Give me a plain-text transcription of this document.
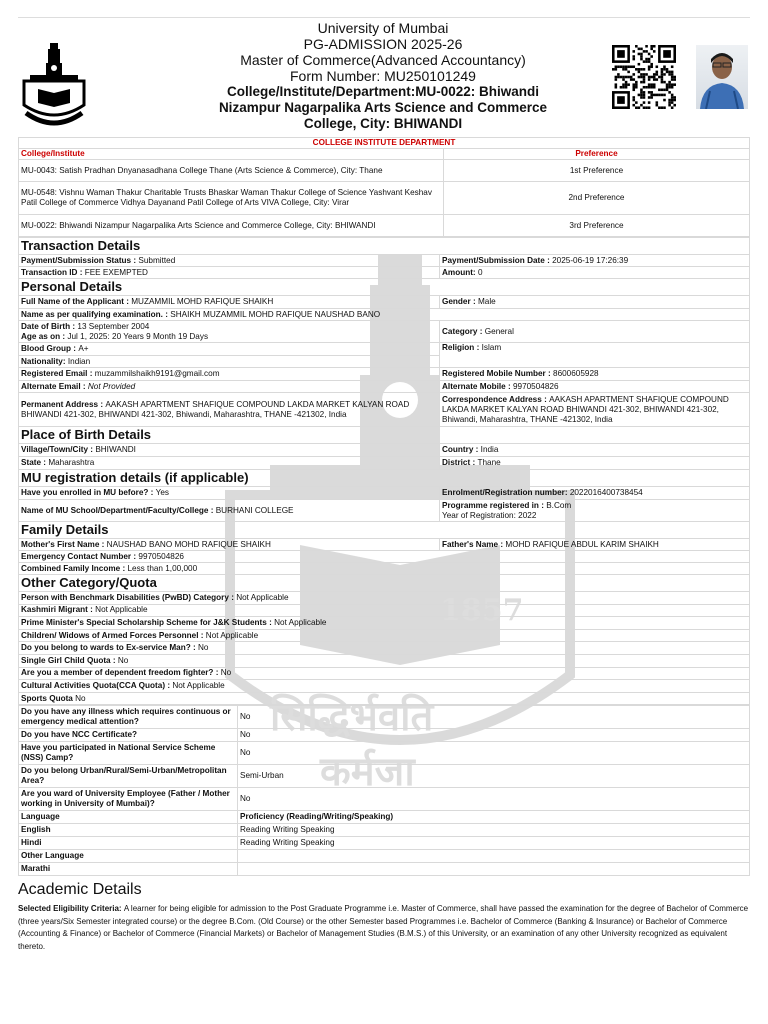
1857
सिद्धिर्भवति
कर्मजा
University of Mumbai
PG-ADMISSION 2025-26
Master of Commerce(Advanced Accountancy)
Form Number: MU250101249
College/Institute/Department:MU-0022: Bhiwandi
Nizampur Nagarpalika Arts Science and Commerce
College, City: BHIWANDI
COLLEGE INSTITUTE DEPARTMENT	
College/Institute	Preference
MU-0043: Satish Pradhan Dnyanasadhana College Thane (Arts Science & Commerce), City: Thane	1st Preference
MU-0548: Vishnu Waman Thakur Charitable Trusts Bhaskar Waman Thakur College of Science Yashvant Keshav Patil College of Commerce Vidhya Dayanand Patil College of Arts VIVA College, City: Virar	2nd Preference
MU-0022: Bhiwandi Nizampur Nagarpalika Arts Science and Commerce College, City: BHIWANDI	3rd Preference
Transaction Details	
Payment/Submission Status : Submitted	Payment/Submission Date : 2025-06-19 17:26:39
Transaction ID : FEE EXEMPTED	Amount: 0
Personal Details	
Full Name of the Applicant : MUZAMMIL MOHD RAFIQUE SHAIKH	Gender : Male
Name as per qualifying examination. : SHAIKH MUZAMMIL MOHD RAFIQUE NAUSHAD BANO	

Date of Birth : 13 September 2004
Age as on : Jul 1, 2025: 20 Years 9 Month 19 Days	Category : General
Blood Group : A+	Religion : Islam
Nationality: Indian	
Registered Email : muzammilshaikh9191@gmail.com	Registered Mobile Number : 8600605928
Alternate Email : Not Provided	Alternate Mobile : 9970504826
Permanent Address : AAKASH APARTMENT SHAFIQUE COMPOUND LAKDA MARKET KALYAN ROAD BHIWANDI 421-302, BHIWANDI 421-302, Bhiwandi, Maharashtra, THANE -421302, India	Correspondence Address : AAKASH APARTMENT SHAFIQUE COMPOUND LAKDA MARKET KALYAN ROAD BHIWANDI 421-302, BHIWANDI 421-302, Bhiwandi, Maharashtra, THANE -421302, India
Place of Birth Details	
Village/Town/City : BHIWANDI	Country : India
State : Maharashtra	District : Thane
MU registration details (if applicable)	
Have you enrolled in MU before? : Yes	Enrolment/Registration number: 2022016400738454
Name of MU School/Department/Faculty/College : BURHANI COLLEGE	Programme registered in : B.Com
Year of Registration: 2022

Family Details	
Mother's First Name : NAUSHAD BANO MOHD RAFIQUE SHAIKH	Father's Name : MOHD RAFIQUE ABDUL KARIM SHAIKH
Emergency Contact Number : 9970504826	
Combined Family Income : Less than 1,00,000	
Other Category/Quota	
Person with Benchmark Disabilities (PwBD) Category : Not Applicable	
Kashmiri Migrant : Not Applicable	
Prime Minister's Special Scholarship Scheme for J&K Students : Not Applicable	
Children/ Widows of Armed Forces Personnel : Not Applicable	
Do you belong to wards to Ex-service Man? : No	
Single Girl Child Quota : No	
Are you a member of dependent freedom fighter? : No	
Cultural Activities Quota(CCA Quota) : Not Applicable	
Sports Quota No	
Do you have any illness which requires continuous or emergency medical attention?	No
Do you have NCC Certificate?	No
Have you participated in National Service Scheme (NSS) Camp?	No
Do you belong Urban/Rural/Semi-Urban/Metropolitan Area?	Semi-Urban
Are you ward of University Employee (Father / Mother working in University of Mumbai)?	No
Language	Proficiency (Reading/Writing/Speaking)
English	Reading Writing Speaking
Hindi	Reading Writing Speaking
Other Language	
Marathi	
Academic Details
Selected Eligibility Criteria: A learner for being eligible for admission to the Post Graduate Programme i.e. Master of Commerce, shall have passed the examination for the degree of Bachelor of Commerce (three years/Six Semester integrated course) or the degree B.Com. (Old Course) or the other Semester based Programmes i.e. Bachelor of Commerce (Banking & Insurance) or Bachelor of Commerce (Accounting & Finance) or Bachelor of Commerce (Financial Markets) or Bachelor of Management Studies (B.M.S.) of this University, or an examination of any other University recognized as equivalent thereto.
